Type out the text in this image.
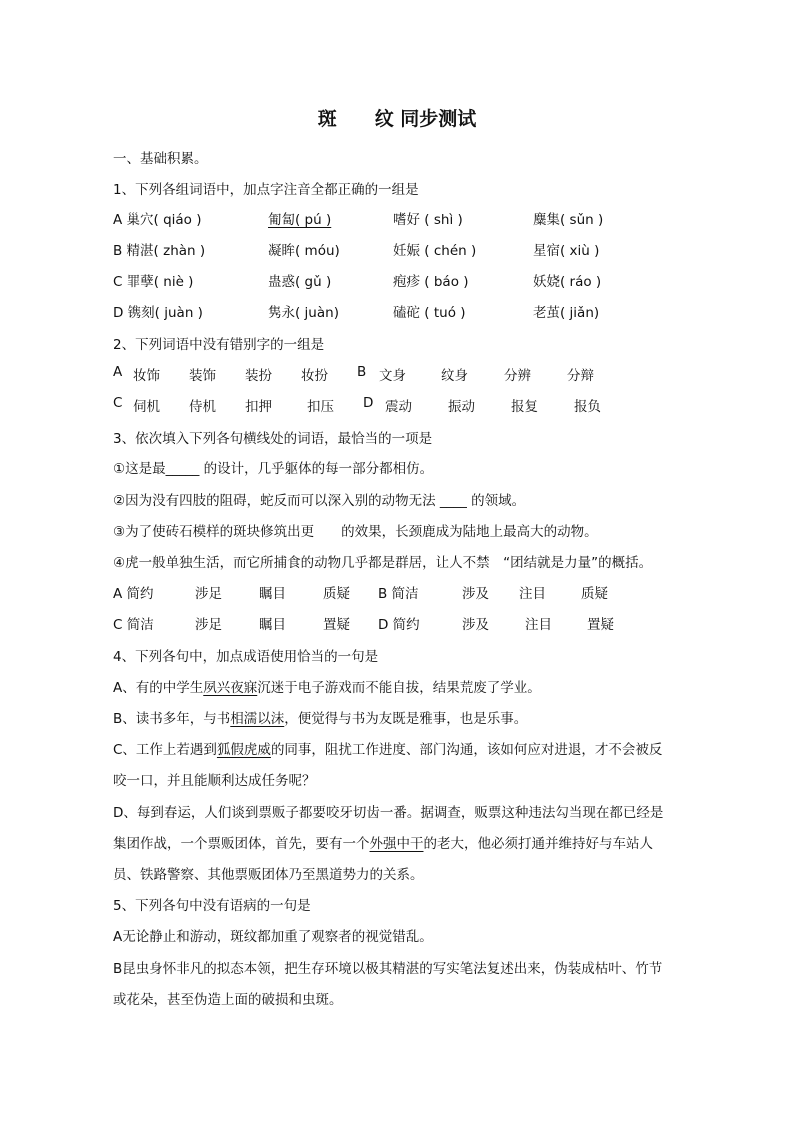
斑　　纹 同步测试
一、基础积累。
1、下列各组词语中，加点字注音全都正确的一组是
A 巢穴( qiáo )	匍匐( pú )	嗜好 ( shì )	麋集( sǔn )
B 精湛( zhàn )	凝眸( móu)	妊娠 ( chén )	星宿( xiù )
C 罪孽( niè )	蛊惑( gǔ )	疱疹 ( báo )	妖娆( ráo )
D 镌刻( juàn )	隽永( juàn)	磕砣 ( tuó )	老茧( jiǎn)
2、下列词语中没有错别字的一组是
A 妆饰 装饰 装扮 妆扮 B 文身	纹身	分辨	分辩
C 伺机 侍机 扣押	扣压 D 震动	振动	报复	报负
3、依次填入下列各句横线处的词语，最恰当的一项是
①这是最_____ 的设计，几乎躯体的每一部分都相仿。
②因为没有四肢的阻碍，蛇反而可以深入别的动物无法 ____ 的领域。
③为了使砖石模样的斑块修筑出更　　的效果，长颈鹿成为陆地上最高大的动物。
④虎一般单独生活，而它所捕食的动物几乎都是群居，让人不禁　“团结就是力量”的概括。
A 简约	涉足	瞩目	质疑 B 简洁	涉及 注目	质疑
C 简洁	涉足	瞩目	置疑 D 简约	涉及	注目	置疑
4、下列各句中，加点成语使用恰当的一句是
A、有的中学生夙兴夜寐沉迷于电子游戏而不能自拔，结果荒废了学业。
B、读书多年，与书相濡以沫，便觉得与书为友既是雅事，也是乐事。
C、工作上若遇到狐假虎威的同事，阻扰工作进度、部门沟通，该如何应对进退，才不会被反
咬一口，并且能顺利达成任务呢？
D、每到春运，人们谈到票贩子都要咬牙切齿一番。据调查，贩票这种违法勾当现在都已经是
集团作战，一个票贩团体，首先，要有一个外强中干的老大，他必须打通并维持好与车站人
员、铁路警察、其他票贩团体乃至黑道势力的关系。
5、下列各句中没有语病的一句是
A无论静止和游动，斑纹都加重了观察者的视觉错乱。
B昆虫身怀非凡的拟态本领，把生存环境以极其精湛的写实笔法复述出来，伪装成枯叶、竹节
或花朵，甚至伪造上面的破损和虫斑。
